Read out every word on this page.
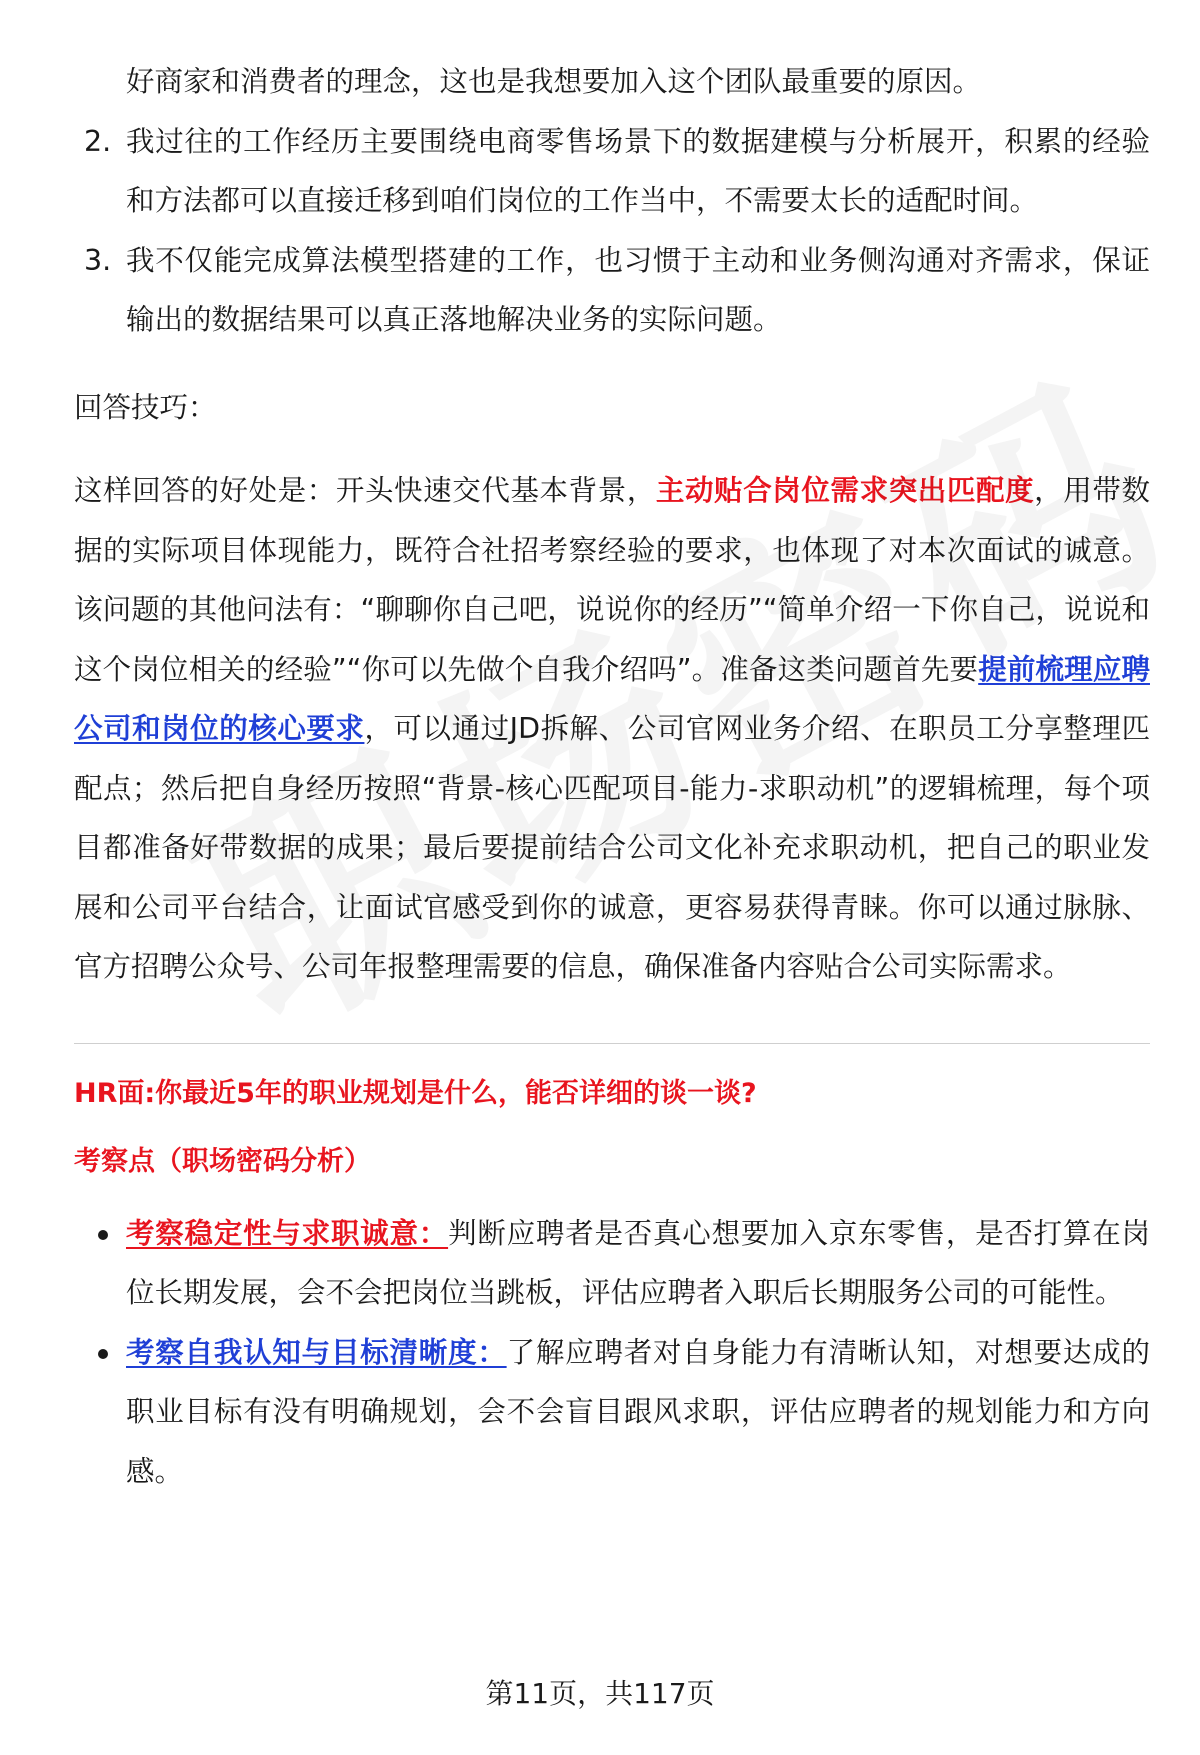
好商家和消费者的理念，这也是我想要加入这个团队最重要的原因。

2. 我过往的工作经历主要围绕电商零售场景下的数据建模与分析展开，积累的经验和方法都可以直接迁移到咱们岗位的工作当中，不需要太长的适配时间。
3. 我不仅能完成算法模型搭建的工作，也习惯于主动和业务侧沟通对齐需求，保证输出的数据结果可以真正落地解决业务的实际问题。

回答技巧：

这样回答的好处是：开头快速交代基本背景，主动贴合岗位需求突出匹配度，用带数据的实际项目体现能力，既符合社招考察经验的要求，也体现了对本次面试的诚意。该问题的其他问法有：“聊聊你自己吧，说说你的经历”“简单介绍一下你自己，说说和这个岗位相关的经验”“你可以先做个自我介绍吗”。准备这类问题首先要提前梳理应聘公司和岗位的核心要求，可以通过JD拆解、公司官网业务介绍、在职员工分享整理匹配点；然后把自身经历按照“背景-核心匹配项目-能力-求职动机”的逻辑梳理，每个项目都准备好带数据的成果；最后要提前结合公司文化补充求职动机，把自己的职业发展和公司平台结合，让面试官感受到你的诚意，更容易获得青睐。你可以通过脉脉、官方招聘公众号、公司年报整理需要的信息，确保准备内容贴合公司实际需求。

HR面:你最近5年的职业规划是什么，能否详细的谈一谈?
考察点（职场密码分析）
考察稳定性与求职诚意：判断应聘者是否真心想要加入京东零售，是否打算在岗位长期发展，会不会把岗位当跳板，评估应聘者入职后长期服务公司的可能性。
考察自我认知与目标清晰度：了解应聘者对自身能力有清晰认知，对想要达成的职业目标有没有明确规划，会不会盲目跟风求职，评估应聘者的规划能力和方向感。
第11页，共117页
